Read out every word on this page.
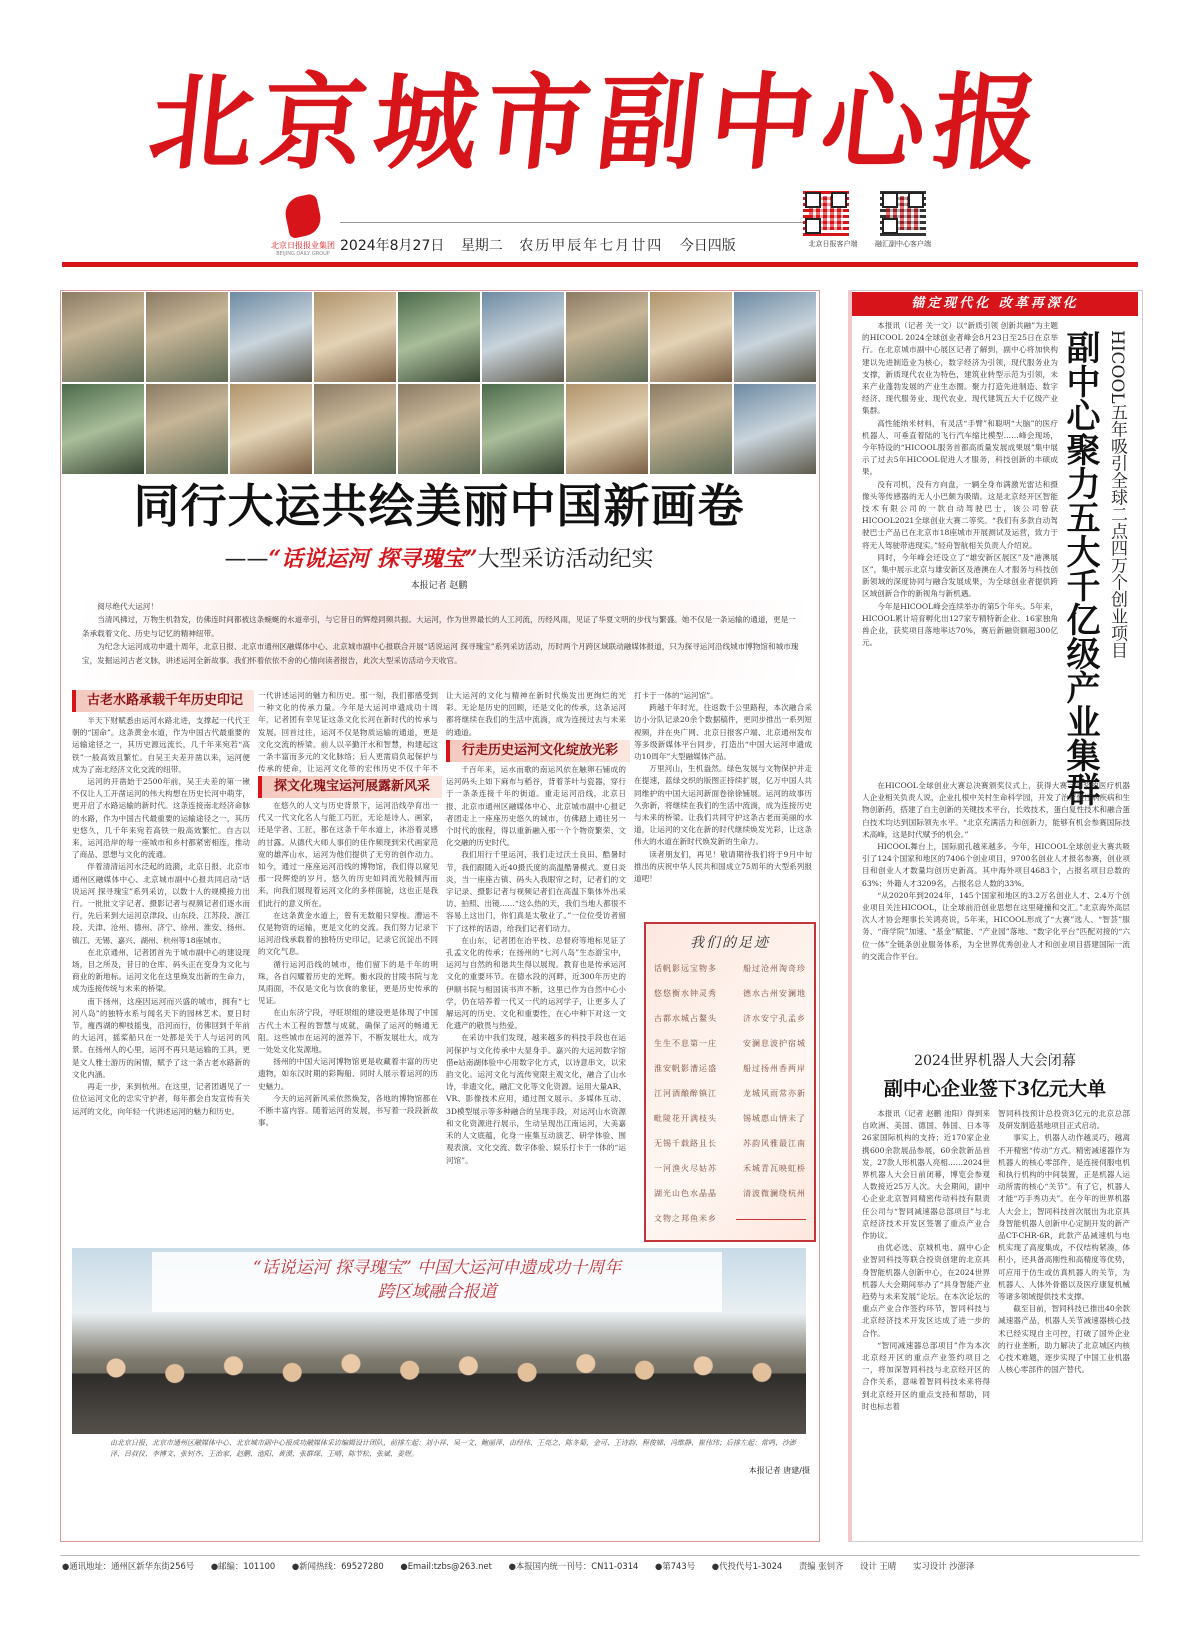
北京城市副中心报
北京日报报业集团
BEIJING DAILY GROUP 2024年8月27日 星期二 农历甲辰年七月廿四 今日四版	北京日报客户端	融汇副中心客户端
同行大运共绘美丽中国新画卷
——“话说运河 探寻瑰宝”大型采访活动纪实
本报记者 赵鹏

阅尽绝代大运河！

当清风拂过，万物生机勃发，仿佛连时间都被这条蜿蜒的水道牵引，与它昔日的辉煌同频共振。大运河，作为世界最长的人工河流，历经风雨，见证了华夏文明的步伐与繁盛。她不仅是一条运输的通道，更是一条承载着文化、历史与记忆的精神纽带。

为纪念大运河成功申遗十周年，北京日报、北京市通州区融媒体中心、北京城市副中心报联合开展“话说运河 探寻瑰宝”系列采访活动，历时两个月跨区域联动融媒体报道，只为探寻运河沿线城市博物馆和城市瑰宝，发掘运河古老文脉，讲述运河全新故事。我们怀着依依不舍的心情向读者报告，此次大型采访活动今天收官。

古老水路承载千年历史印记

半天下财赋悉由运河水路北进，支撑起一代代王朝的“国命”。这条黄金水道，作为中国古代最重要的运输途径之一，其历史源远流长，几千年来宛若“高铁”一般高效且繁忙。自吴王夫差开凿以来，运河便成为了南北经济文化交流的纽带。

运河的开凿始于2500年前，吴王夫差的第一锹不仅让人工开凿运河的伟大构想在历史长河中萌芽，更开启了水路运输的新时代。这条连接南北经济命脉的水路，作为中国古代最重要的运输途径之一，其历史悠久，几千年来宛若高铁一般高效繁忙。自古以来，运河沿岸的每一座城市和乡村都紧密相连，推动了商品、思想与文化的流通。

伴着清清运河水泛起的涟漪，北京日报、北京市通州区融媒体中心、北京城市副中心报共同启动“话说运河 探寻瑰宝”系列采访，以数十人的规模接力出行。一批批文字记者、摄影记者与视频记者们逐水而行，先后来到大运河京津段、山东段、江苏段、浙江段、天津、沧州、德州、济宁、徐州、淮安、扬州、镇江、无锡、嘉兴、湖州、杭州等18座城市。

在北京通州，记者团首先于城市副中心的建设现场，目之所及，昔日的仓库、码头正在变身为文化与商业的新地标。运河文化在这里焕发出新的生命力，成为连接传统与未来的桥梁。

南下扬州，这座因运河而兴盛的城市，拥有“七河八岛”的独特水系与闻名天下的园林艺术。夏日时节，瘦西湖的柳枝摇曳，沿河而行，仿佛回到千年前的大运河，摇桨船只在一处都是关于人与运河的风景。在扬州人的心里，运河不再只是运输的工具，更是文人雅士游历的闲情，赋予了这一条古老水路新的文化内涵。

再走一步，来到杭州。在这里，记者团遇见了一位位运河文化的忠实守护者，每年都会自发宣传有关运河的文化，向年轻一代讲述运河的魅力和历史。

一代讲述运河的魅力和历史。那一刻，我们都感受到一种文化的传承力量。今年是大运河申遗成功十周年，记者团有幸见证这条文化长河在新时代的传承与发展。回首过往，运河不仅是物质运输的通道，更是文化交流的桥梁。前人以辛勤汗水和智慧，构建起这一条丰富而多元的文化脉络；后人更需肩负起保护与传承的使命，让运河文化带的宏伟历史不仅千年不

探文化瑰宝运河展露新风采

在悠久的人文与历史背景下，运河沿线孕育出一代又一代文化名人与能工巧匠，无论是诗人、画家，还是学者、工匠，都在这条千年水道上，沐浴着灵感的甘露。从德代大师人事们的佳作频现到宋代画家范宽的雄浑山水，运河为他们提供了无穷的创作动力。如今，通过一座座运河沿线的博物馆，我们得以窥见那一段辉煌的岁月。悠久的历史如同流光般倾泻而来，向我们展现着运河文化的多样面貌，这也正是我们此行的意义所在。

在这条黄金水道上，曾有无数船只穿梭。漕运不仅是物资的运输，更是文化的交流。我们努力记录下运河沿线承载着的独特历史印记，记录它沉淀出不同的文化气息。

循行运河沿线的城市，他们留下的是千年的明珠，各自闪耀着历史的光辉。衡水段的甘陵书院与龙凤雨面，不仅是文化与饮食的象征，更是历史传承的见证。

在山东济宁段，寻旺坝组的建设更是体现了中国古代土木工程的智慧与成就，确保了运河的畅通无阻。这些城市在运河的滋养下，不断发展壮大，成为一处处文化发源地。

扬州的中国大运河博物馆更是收藏着丰富的历史遗物，如东汉时期的彩陶船、同时人展示着运河的历史魅力。

今天的运河新风采依然焕发，各地的博物馆都在不断丰富内容。随着运河的发展，书写着一段段新故事。

让大运河的文化与精神在新时代焕发出更绚烂的光彩。无论是历史的回顾，还是文化的传承，这条运河都将继续在我们的生活中流淌，成为连接过去与未来的通道。

行走历史运河文化绽放光彩

千百年来，运水而歌的南运风依在触卵石铺成的运河码头上如下麻布与稻谷，背着茶叶与瓷器，穿行于一条条连接千年的街道。重走运河沿线，北京日报、北京市通州区融媒体中心、北京城市副中心报记者团走上一座座历史悠久的城市，仿佛踏上通往另一个时代的旅程，得以重新融入那一个个物资繁荣、文化交融的历史时代。

我们用行千里运河，我们走过沃土良田、酷暑时节，我们跟随入近40摄氏度的高温酷暑模式。夏日炎炎，当一座座古镇、码头入我眼帘之时，记者们的文字记录、摄影记者与视频记者们在高温下集体外出采访、拍照、出镜……“这么热的天，我们当地人都很不容易上这出门，你们真是太敬业了。”一位位受访者留下了这样的话语，给我们记者们动力。

在山东，记者团在冶平枝、总督府等地标见证了孔孟文化的传承；在扬州的“七河八岛”生态游宝中，运河与自然的和谐共生得以展现。教育也是传承运河文化的重要环节。在德水段的河畔，近300年历史的伊顺书院与相国读书声不断，这里已作为自然中心小学，仍在培养着一代又一代的运河学子，让更多人了解运河的历史、文化和重要性，在心中种下对这一文化遗产的敬畏与热爱。

在采访中我们发现，越来越多的科技手段也在运河保护与文化传承中大显身手。嘉兴的大运河数字馆借e站南湖体验中心用数字化方式，以诗意串文，以宋韵文化。运河文化与流传宽限主观文化，融合了山水诗，非遗文化，融汇文化等文化资源。运用大量AR、VR、影像技术应用，通过图文展示、多媒体互动、3D模型展示等多种融合的呈现手段，对运河山水资源和文化资源进行展示，生动呈现出江南运河，大美嘉禾的人文底蕴，化身一座集互动演艺、研学体验、围观表演、文化交流、数字体验、娱乐打卡于一体的“运河馆”。

打卡于一体的“运河馆”。

跨越千年时光，往返数千公里路程，本次融合采访小分队记录20余个数据稿件，更同步推出一系列短视频，并在央广网、北京日报客户端、北京通州发布等多级新媒体平台同步，打造出“中国大运河申遗成功10周年”大型融媒体产品。

万里河山，生机盎然。绿色发展与文物保护并走在提速，蓝绿交织的版图正持续扩展，亿万中国人共同维护的中国大运河新面卷徐徐铺展。运河的故事历久弥新，将继续在我们的生活中流淌，成为连接历史与未来的桥梁。让我们共同守护这条古老而美丽的水道，让运河的文化在新的时代继续焕发光彩，让这条伟大的水道在新时代焕发新的生命力。

读者朋友们，再见！敬请期待我们将于9月中旬推出的庆祝中华人民共和国成立75周年的大型系列报道吧！

我们的足迹
话帆影远宝物多	船过沧州淘奇珍
悠悠衡水钟灵秀	德水古州安澜地
古都水城占鳌头	济水安宁孔孟乡
生生不息第一庄	安澜息波护宿城
淮安帆影漕运盛	船过扬州香两岸
江河酒酿醉镇江	龙城风雨常亦新
毗陵花开满枝头	锡城惠山情未了
无锡千载路且长	苏韵风雅最江南
一河渔火尽姑苏	禾城青瓦映虹桥
湖光山色水晶晶	清波微澜绕杭州
文物之邦鱼米乡
“话说运河 探寻瑰宝” 中国大运河申遗成功十周年
跨区域融合报道
由北京日报、北京市通州区融媒体中心、北京城市副中心报成功融媒体采访编辑设计团队，前排左起：刘小祥、吴一文、鲍丽萍、由经伟、王亮之、陈冬菊、金可、王诗韵、程俊娣、冯维静、崔伟玮；后排左起：常鸣、沙澎泽、吕叔仪、李博文、张钊齐、王治家、赵鹏、池阳、黄漠、张群琛、王晴、陈节松、张斌、姜煜。
本报记者 唐建/摄
锚定现代化 改革再深化

本报讯（记者 关一文）以“新质引领 创新共融”为主题的HICOOL 2024全球创业者峰会8月23日至25日在京举行。在北京城市副中心展区记者了解到，副中心将加快构建以先进制造业为核心，数字经济为引领，现代服务业为支撑，新质现代农业为特色，建筑业转型示范为引领，未来产业蓬勃发展的产业生态圈。聚力打造先进制造、数字经济、现代服务业、现代农业、现代建筑五大千亿级产业集群。

高性能纳米材料，有灵活“手臂”和聪明“大脑”的医疗机器人、可垂直着陆的飞行汽车缩比模型……峰会现场，今年特设的“HICOOL服务首都高质量发展成果展”集中展示了过去5年HICOOL促进人才服务，科技创新的丰硕成果。

没有司机，没有方向盘，一辆全身布满激光雷达和摄像头等传感器的无人小巴颇为吸睛。这是北京经开区智能技术有限公司的一款自动驾驶巴士，该公司曾获HICOOL2021全球创业大赛二等奖。“我们有多款自动驾驶巴士产品已在北京市18座城市开展测试及运营，致力于将无人驾驶带进现实。”轻舟智航相关负责人介绍说。

同时，今年峰会还设立了“雄安新区展区”及“港澳展区”，集中展示北京与雄安新区及港澳在人才服务与科技创新领域的深度协同与融合发展成果，为全球创业者提供跨区域创新合作的新视角与新机遇。

今年是HICOOL峰会连续举办的第5个年头。5年来，HICOOL累计培育孵化出127家专精特新企业、16家独角兽企业，获奖项目落地率达70%，赛后新融资额超300亿元。	副中心聚力五大千亿级产业集群 HICOOL五年吸引全球二点四万个创业项目

在HICOOL全球创业大赛总决赛颁奖仪式上，获得大赛一等奖的医疗机器人企业相关负责人说，企业扎根中关村生命科学园，开发了治疗慢性病疾病和生物创新药，搭建了自主创新的关键技术平台，长效技术，蛋白复性技术和融合蛋白技术均达到国际领先水平。“北京充满活力和创新力，能够有机会参赛国际技术高峰，这是时代赋予的机会。”

HICOOL舞台上，国际面孔越来越多。今年，HICOOL全球创业大赛共吸引了124个国家和地区的7406个创业项目，9700名创业人才报名参赛，创业项目和创业人才数量均创历史新高。其中海外项目4683个，占报名项目总数的63%；外籍人才3209名，占报名总人数的33%。

“从2020年到2024年，145个国家和地区的3.2万名创业人才、2.4万个创业项目关注HICOOL，让全球前沿创业思想在这里碰撞和交汇。”北京海外高层次人才协会理事长关鸿亮说，5年来，HICOOL形成了“大赛”选人、“智荟”服务、“商学院”加速、“基金”赋能、“产业园”落地、“数字化平台”匹配对接的“六位一体”全链条创业服务体系，为全世界优秀创业人才和创业项目搭建国际一流的交流合作平台。

2024世界机器人大会闭幕
副中心企业签下3亿元大单

本报讯（记者 赵鹏 池阳）得到来自欧洲、美国、德国、韩国、日本等26家国际机构的支持；近170家企业携600余款展品参展，60余款新品首发，27款人形机器人亮相……2024世界机器人大会日前闭幕，博览会参观人数接近25万人次。大会期间，副中心企业北京智同精密传动科技有限责任公司与“智同减速器总部项目”与北京经济技术开发区签署了重点产业合作协议。

由优必选、京城机电、副中心企业智同科技等联合投资创建的北京具身智能机器人创新中心，在2024世界机器人大会期间举办了“具身智能产业趋势与未来发展”论坛。在本次论坛的重点产业合作签约环节，智同科技与北京经济技术开发区达成了进一步的合作。

“智同减速器总部项目”作为本次北京经开区的重点产业签约项目之一，将加深智同科技与北京经开区的合作关系，意味着智同科技未来将得到北京经开区的重点支持和帮助，同时也标志着

智同科技预计总投资3亿元的北京总部及研发制造基地项目正式启动。

事实上，机器人动作越灵巧，越离不开精密“传动”方式。精密减速器作为机器人的核心零部件，是连接伺服电机和执行机构的中间装置，正是机器人运动所需的核心“关节”。有了它，机器人才能“巧手秀功夫”。在今年的世界机器人大会上，智同科技首次展出为北京具身智能机器人创新中心定制开发的新产品CT-CHR-6R，此款产品减速机与电机实现了高度集成，不仅结构紧凑，体积小，还具备高刚性和高精度等优势，可应用于仿生或仿真机器人的关节，为机器人、人体外骨骼以及医疗康复机械等诸多领域提供技术支撑。

截至目前，智同科技已推出40余款减速器产品，机器人关节减速器核心技术已经实现自主可控，打破了国外企业的行业垄断，助力解决了北京城区内核心技术难题，逐步实现了中国工业机器人核心零部件的国产替代。

●通讯地址：通州区新华东街256号 ●邮编：101100 ●新闻热线：69527280 ●Email:tzbs@263.net ●本报国内统一刊号：CN11-0314 ●第743号 ●代投代号1-3024 责编 张钊齐 设计 王晴 实习设计 沙澎泽
